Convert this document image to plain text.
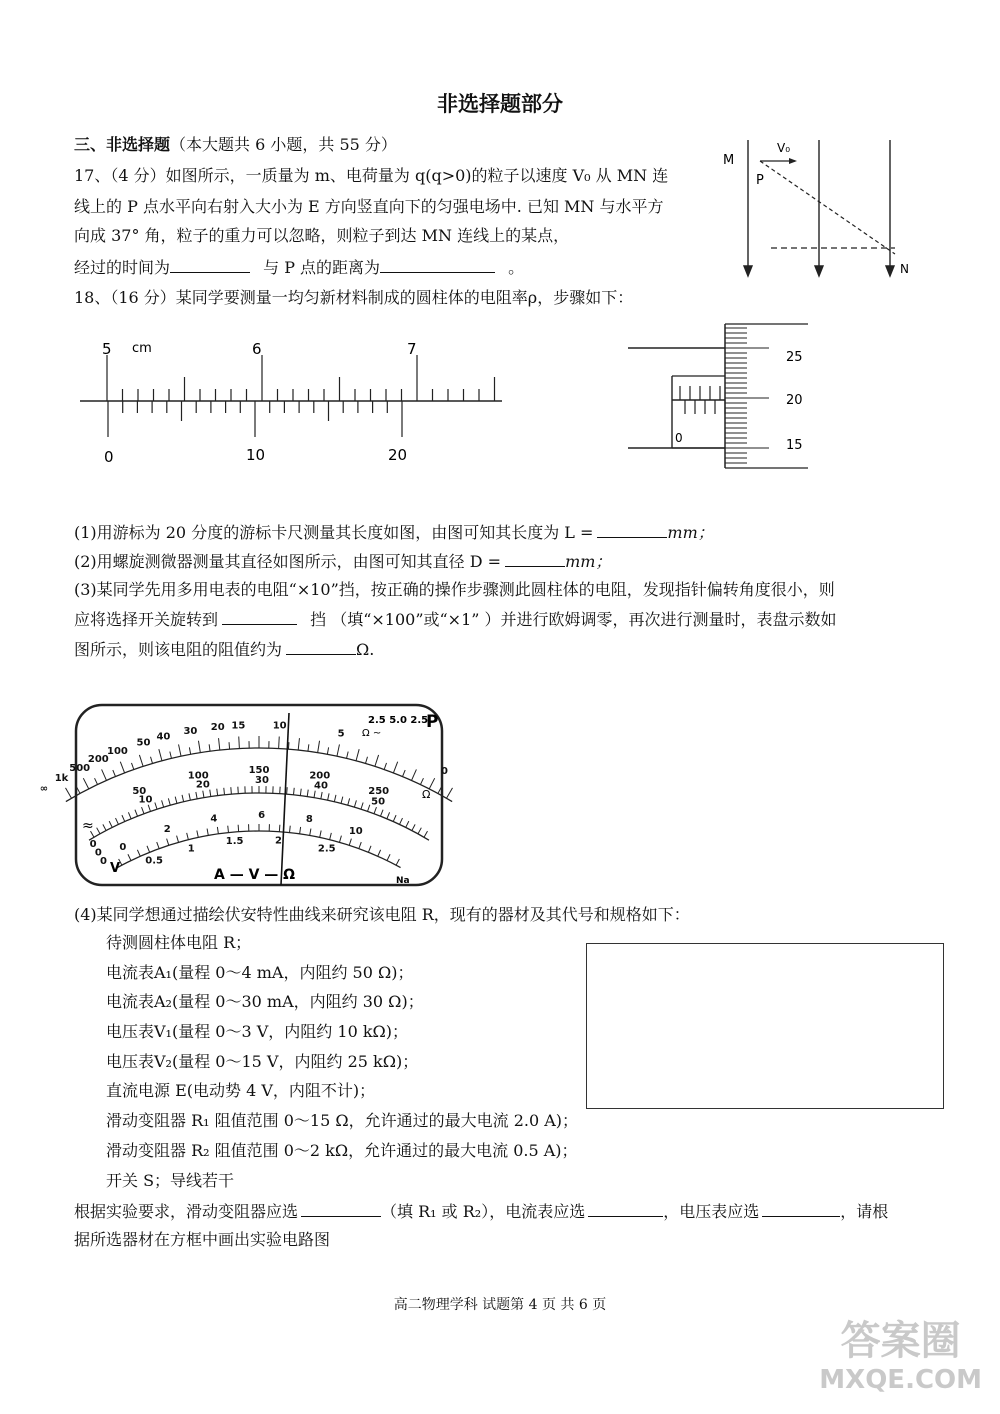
非选择题部分
三、非选择题（本大题共 6 小题，共 55 分）
17、（4 分）如图所示，一质量为 m、电荷量为 q(q>0)的粒子以速度 V₀ 从 MN 连
线上的 P 点水平向右射入大小为 E 方向竖直向下的匀强电场中. 已知 MN 与水平方
向成 37° 角，粒子的重力可以忽略，则粒子到达 MN 连线上的某点，
经过的时间为	与 P 点的距离为	。
M
P
V₀
N
18、（16 分）某同学要测量一均匀新材料制成的圆柱体的电阻率ρ，步骤如下：
5 cm	6	7
0	10	20
25
20
15
0
(1)用游标为 20 分度的游标卡尺测量其长度如图，由图可知其长度为 L =	mm；
(2)用螺旋测微器测量其直径如图所示，由图可知其直径 D =	mm；
(3)某同学先用多用电表的电阻“×10”挡，按正确的操作步骤测此圆柱体的电阻，发现指针偏转角度很小，则
应将选择开关旋转到	挡 （填“×100”或“×1” ）并进行欧姆调零，再次进行测量时，表盘示数如
图所示，则该电阻的阻值约为	Ω.
∞
1k
500
200
100
50
40
30 20 15	10
5
0
50
100	150	200
250
10
20	30
40
50
0
2
4	6	8
10
0.5
1
1.5	2
2.5
0
0
0
A — V — Ω
≈
V
2.5 5.0 2.5
Ω ~
P
Ω
Na
(4)某同学想通过描绘伏安特性曲线来研究该电阻 R，现有的器材及其代号和规格如下：
待测圆柱体电阻 R；
电流表A₁(量程 0～4 mA，内阻约 50 Ω)；
电流表A₂(量程 0～30 mA，内阻约 30 Ω)；
电压表V₁(量程 0～3 V，内阻约 10 kΩ)；
电压表V₂(量程 0～15 V，内阻约 25 kΩ)；
直流电源 E(电动势 4 V，内阻不计)；
滑动变阻器 R₁ 阻值范围 0～15 Ω，允许通过的最大电流 2.0 A)；
滑动变阻器 R₂ 阻值范围 0～2 kΩ，允许通过的最大电流 0.5 A)；
开关 S；导线若干
根据实验要求，滑动变阻器应选	（填 R₁ 或 R₂），电流表应选	，电压表应选	，请根
据所选器材在方框中画出实验电路图
高二物理学科 试题第 4 页 共 6 页
答案圈
MXQE.COM
